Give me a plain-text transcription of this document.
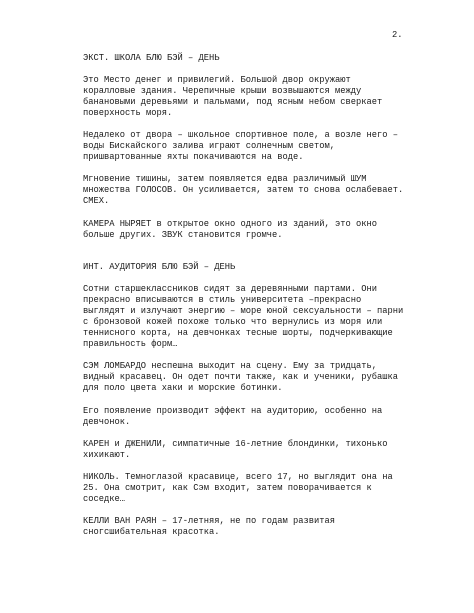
2.

ЭКСТ. ШКОЛА БЛЮ БЭЙ – ДЕНЬ

Это Место денег и привилегий. Большой двор окружают
коралловые здания. Черепичные крыши возвышаются между
банановыми деревьями и пальмами, под ясным небом сверкает
поверхность моря.

Недалеко от двора – школьное спортивное поле, а возле него –
воды Бискайского залива играют солнечным светом,
пришвартованные яхты покачиваются на воде.

Мгновение тишины, затем появляется едва различимый ШУМ
множества ГОЛОСОВ. Он усиливается, затем то снова ослабевает.
СМЕХ.

КАМЕРА НЫРЯЕТ в открытое окно одного из зданий, это окно
больше других. ЗВУК становится громче.

ИНТ. АУДИТОРИЯ БЛЮ БЭЙ – ДЕНЬ

Сотни старшеклассников сидят за деревянными партами. Они
прекрасно вписываются в стиль университета –прекрасно
выглядят и излучают энергию – море юной сексуальности – парни
с бронзовой кожей похоже только что вернулись из моря или
теннисного корта, на девчонках тесные шорты, подчеркивающие
правильность форм…

СЭМ ЛОМБАРДО неспешна выходит на сцену. Ему за тридцать,
видный красавец. Он одет почти также, как и ученики, рубашка
для поло цвета хаки и морские ботинки.

Его появление производит эффект на аудиторию, особенно на
девчонок.

КАРЕН и ДЖЕНИЛИ, симпатичные 16-летние блондинки, тихонько
хихикают.

НИКОЛЬ. Темноглазой красавице, всего 17, но выглядит она на
25. Она смотрит, как Сэм входит, затем поворачивается к
соседке…

КЕЛЛИ ВАН РАЯН – 17-летняя, не по годам развитая
сногсшибательная красотка.
